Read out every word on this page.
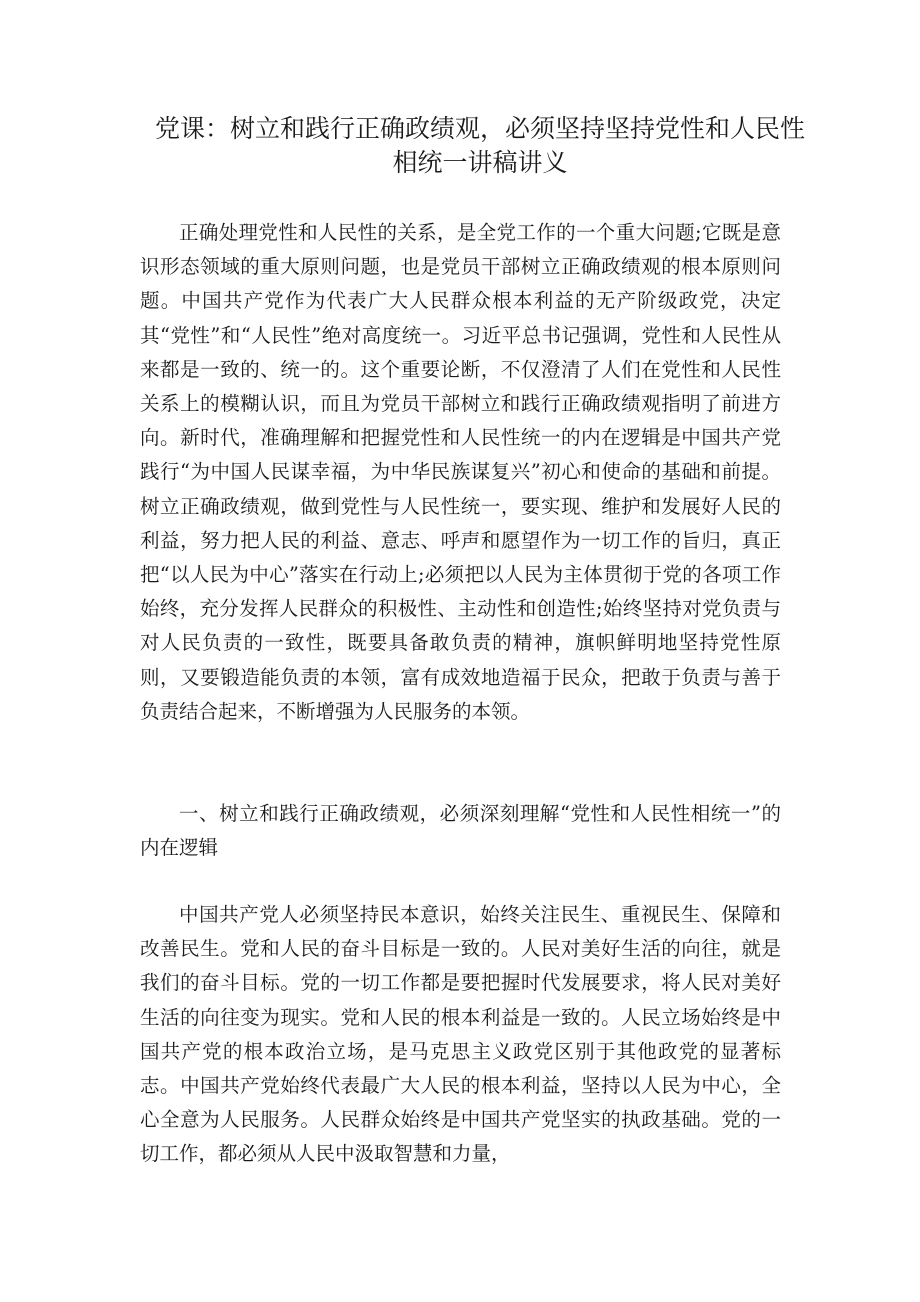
党课：树立和践行正确政绩观，必须坚持坚持党性和人民性相统一讲稿讲义

正确处理党性和人民性的关系，是全党工作的一个重大问题;它既是意识形态领域的重大原则问题，也是党员干部树立正确政绩观的根本原则问题。中国共产党作为代表广大人民群众根本利益的无产阶级政党，决定其“党性”和“人民性”绝对高度统一。习近平总书记强调，党性和人民性从来都是一致的、统一的。这个重要论断，不仅澄清了人们在党性和人民性关系上的模糊认识，而且为党员干部树立和践行正确政绩观指明了前进方向。新时代，准确理解和把握党性和人民性统一的内在逻辑是中国共产党践行“为中国人民谋幸福，为中华民族谋复兴”初心和使命的基础和前提。树立正确政绩观，做到党性与人民性统一，要实现、维护和发展好人民的利益，努力把人民的利益、意志、呼声和愿望作为一切工作的旨归，真正把“以人民为中心”落实在行动上;必须把以人民为主体贯彻于党的各项工作始终，充分发挥人民群众的积极性、主动性和创造性;始终坚持对党负责与对人民负责的一致性，既要具备敢负责的精神，旗帜鲜明地坚持党性原则，又要锻造能负责的本领，富有成效地造福于民众，把敢于负责与善于负责结合起来，不断增强为人民服务的本领。

一、树立和践行正确政绩观，必须深刻理解“党性和人民性相统一”的内在逻辑

中国共产党人必须坚持民本意识，始终关注民生、重视民生、保障和改善民生。党和人民的奋斗目标是一致的。人民对美好生活的向往，就是我们的奋斗目标。党的一切工作都是要把握时代发展要求，将人民对美好生活的向往变为现实。党和人民的根本利益是一致的。人民立场始终是中国共产党的根本政治立场，是马克思主义政党区别于其他政党的显著标志。中国共产党始终代表最广大人民的根本利益，坚持以人民为中心，全心全意为人民服务。人民群众始终是中国共产党坚实的执政基础。党的一切工作，都必须从人民中汲取智慧和力量，
